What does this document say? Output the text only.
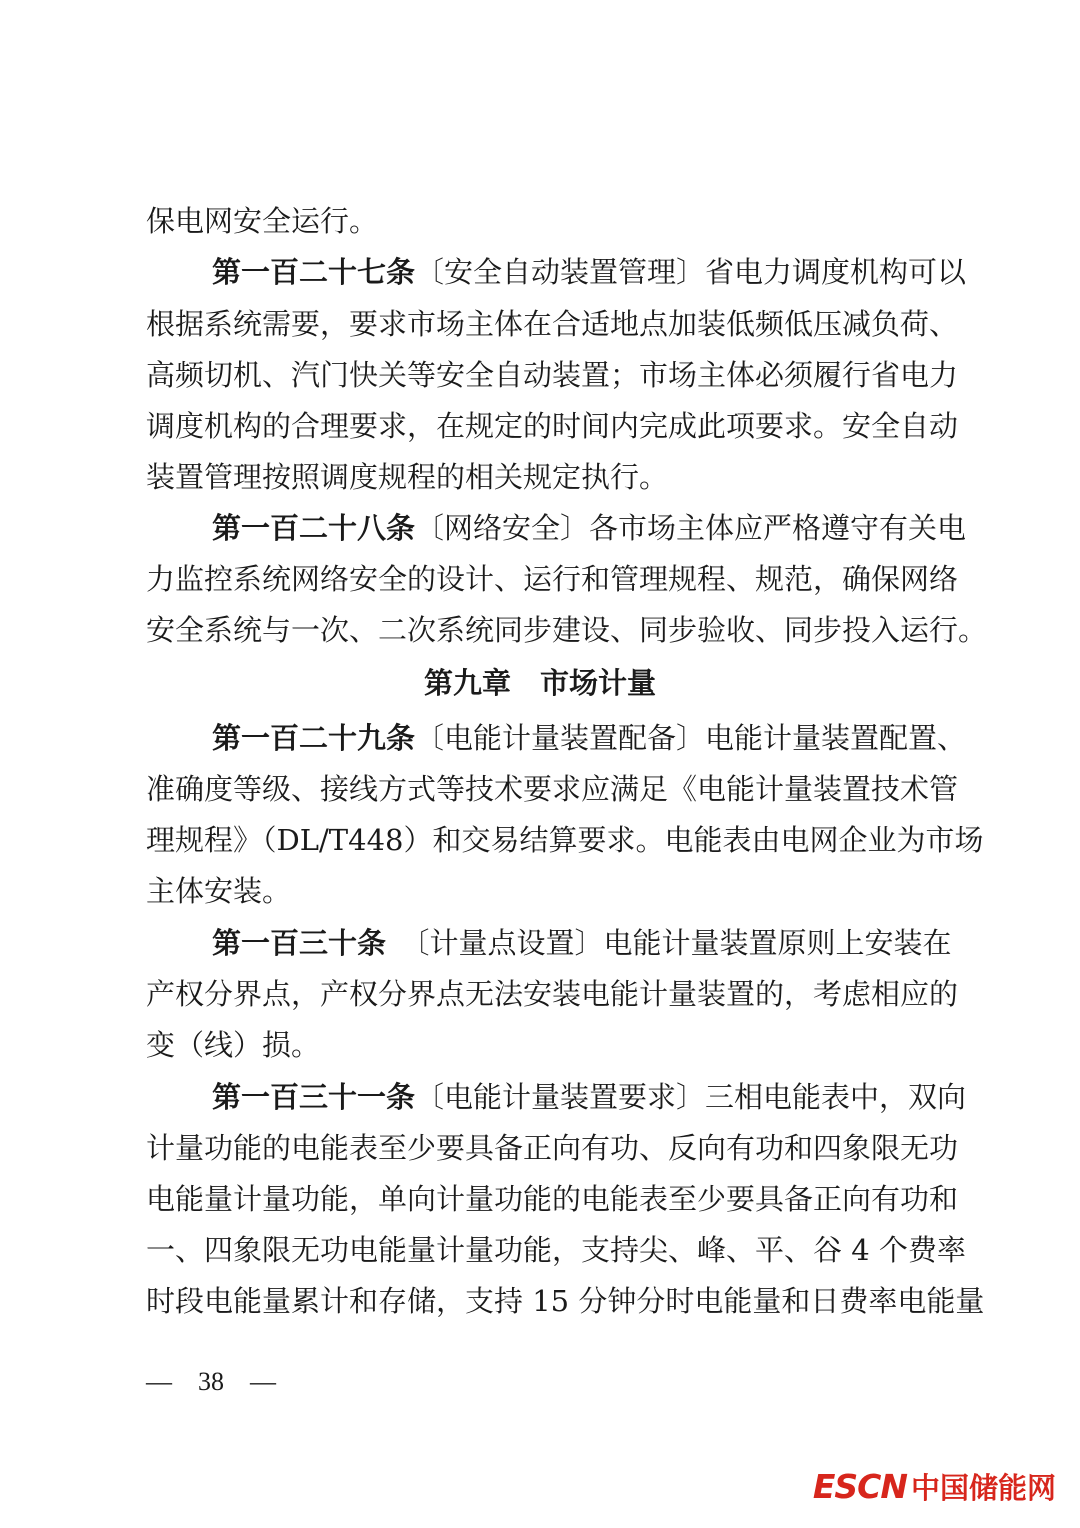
保电网安全运行。
第一百二十七条〔安全自动装置管理〕省电力调度机构可以
根据系统需要，要求市场主体在合适地点加装低频低压减负荷、
高频切机、汽门快关等安全自动装置；市场主体必须履行省电力
调度机构的合理要求，在规定的时间内完成此项要求。安全自动
装置管理按照调度规程的相关规定执行。
第一百二十八条〔网络安全〕各市场主体应严格遵守有关电
力监控系统网络安全的设计、运行和管理规程、规范，确保网络
安全系统与一次、二次系统同步建设、同步验收、同步投入运行。
第九章　市场计量
第一百二十九条〔电能计量装置配备〕电能计量装置配置、
准确度等级、接线方式等技术要求应满足《电能计量装置技术管
理规程》（DL/T448）和交易结算要求。电能表由电网企业为市场
主体安装。
第一百三十条　〔计量点设置〕电能计量装置原则上安装在
产权分界点，产权分界点无法安装电能计量装置的，考虑相应的
变（线）损。
第一百三十一条〔电能计量装置要求〕三相电能表中，双向
计量功能的电能表至少要具备正向有功、反向有功和四象限无功
电能量计量功能，单向计量功能的电能表至少要具备正向有功和
一、四象限无功电能量计量功能，支持尖、峰、平、谷 4 个费率
时段电能量累计和存储，支持 15 分钟分时电能量和日费率电能量
—　38　—
ESCN 中国储能网
